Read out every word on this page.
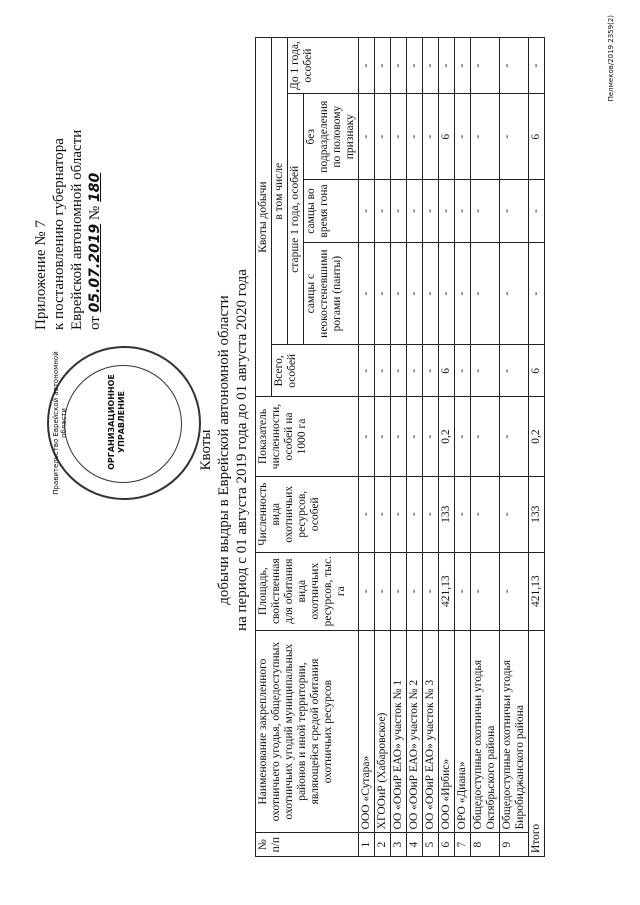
Правительство Еврейской автономной области	ОРГАНИЗАЦИОННОЕ УПРАВЛЕНИЕ
Приложение № 7 к постановлению губернатора Еврейской автономной области от 05.07.2019 № 180
Квоты добычи выдры в Еврейской автономной области на период с 01 августа 2019 года до 01 августа 2020 года
№ п/п	Наименование закрепленного охотничьего угодья, общедоступных охотничьих угодий муниципальных районов и иной территории, являющейся средой обитания охотничьих ресурсов	Площадь, свойственная для обитания вида охотничьих ресурсов, тыс. га	Численность вида охотничьих ресурсов, особей	Показатель численности, особей на 1000 га	Квоты добычи				
					Всего, особей	в том числе			
						старше 1 года, особей			До 1 года, особей
						самцы с неокостеневшими рогами (панты)	самцы во время гона	без подразделения по половому признаку	
1	ООО «Сутара»	-	-	-	-	-	-	-	-
2	ХГООиР (Хабаровское)	-	-	-	-	-	-	-	-
3	ОО «ООиР ЕАО» участок № 1	-	-	-	-	-	-	-	-
4	ОО «ООиР ЕАО» участок № 2	-	-	-	-	-	-	-	-
5	ОО «ООиР ЕАО» участок № 3	-	-	-	-	-	-	-	-
6	ООО «Ирбис»	421,13	133	0,2	6	-	-	6	-
7	ОРО «Диана»	-	-	-	-	-	-	-	-
8	Общедоступные охотничьи угодья Октябрьского района	-	-	-	-	-	-	-	-
9	Общедоступные охотничьи угодья Биробиджанского района	-	-	-	-	-	-	-	-
Итого		421,13	133	0,2	6	-	-	6	-	Пелмеков/2019 2359(2)
